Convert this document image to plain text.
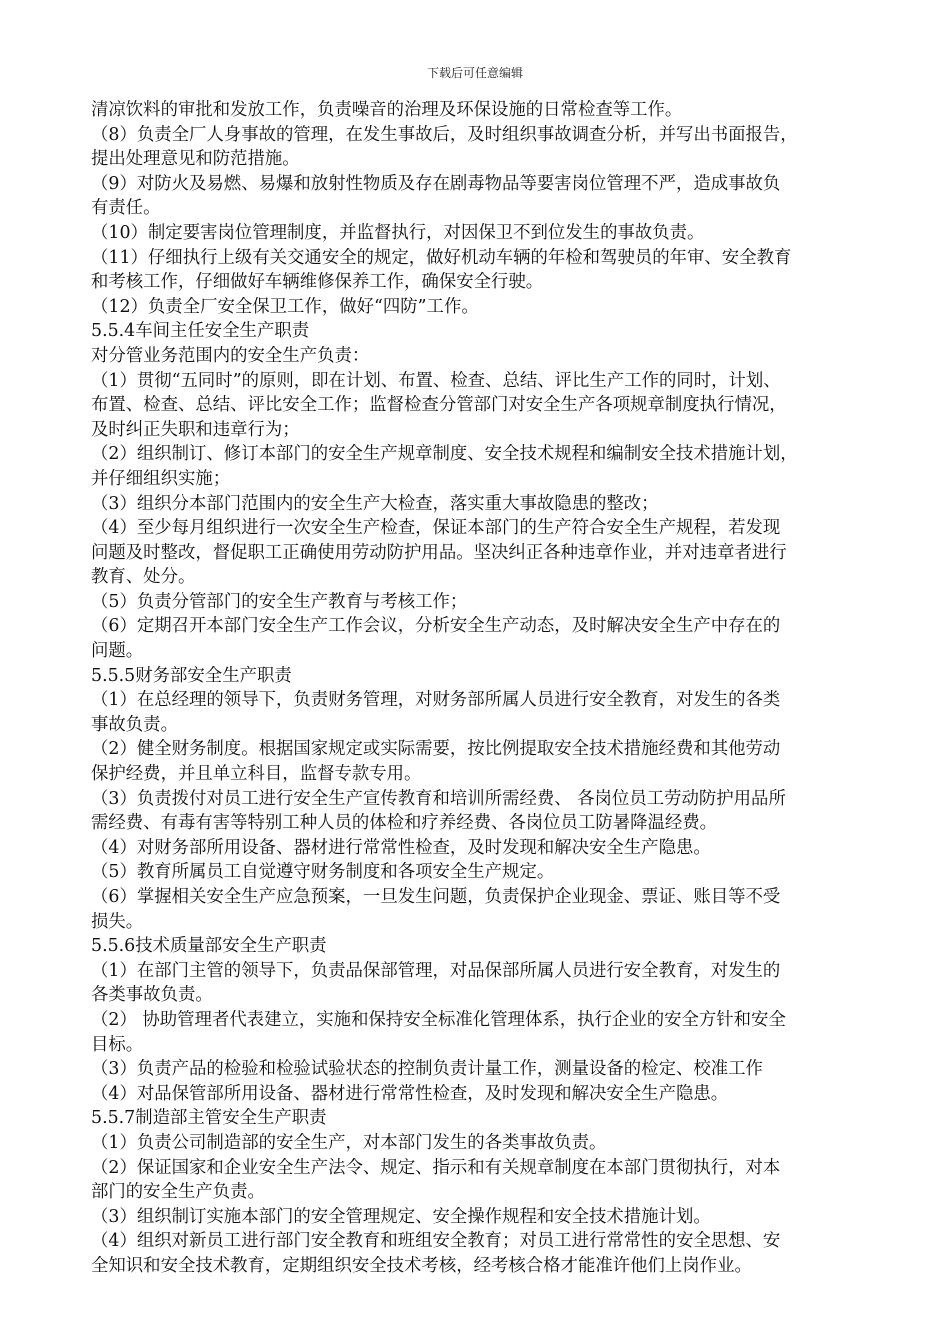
下载后可任意编辑
清凉饮料的审批和发放工作，负责噪音的治理及环保设施的日常检查等工作。
（8）负责全厂人身事故的管理，在发生事故后，及时组织事故调查分析，并写出书面报告，
提出处理意见和防范措施。
（9）对防火及易燃、易爆和放射性物质及存在剧毒物品等要害岗位管理不严，造成事故负
有责任。
（10）制定要害岗位管理制度，并监督执行，对因保卫不到位发生的事故负责。
（11）仔细执行上级有关交通安全的规定，做好机动车辆的年检和驾驶员的年审、安全教育
和考核工作，仔细做好车辆维修保养工作，确保安全行驶。
（12）负责全厂安全保卫工作，做好“四防”工作。
5.5.4车间主任安全生产职责
对分管业务范围内的安全生产负责：
（1）贯彻“五同时”的原则，即在计划、布置、检查、总结、评比生产工作的同时，计划、
布置、检查、总结、评比安全工作；监督检查分管部门对安全生产各项规章制度执行情况，
及时纠正失职和违章行为；
（2）组织制订、修订本部门的安全生产规章制度、安全技术规程和编制安全技术措施计划，
并仔细组织实施；
（3）组织分本部门范围内的安全生产大检查，落实重大事故隐患的整改；
（4）至少每月组织进行一次安全生产检查，保证本部门的生产符合安全生产规程，若发现
问题及时整改，督促职工正确使用劳动防护用品。坚决纠正各种违章作业，并对违章者进行
教育、处分。
（5）负责分管部门的安全生产教育与考核工作；
（6）定期召开本部门安全生产工作会议，分析安全生产动态，及时解决安全生产中存在的
问题。
5.5.5财务部安全生产职责
（1）在总经理的领导下，负责财务管理，对财务部所属人员进行安全教育，对发生的各类
事故负责。
（2）健全财务制度。根据国家规定或实际需要，按比例提取安全技术措施经费和其他劳动
保护经费，并且单立科目，监督专款专用。
（3）负责拨付对员工进行安全生产宣传教育和培训所需经费、 各岗位员工劳动防护用品所
需经费、有毒有害等特别工种人员的体检和疗养经费、各岗位员工防暑降温经费。
（4）对财务部所用设备、器材进行常常性检查，及时发现和解决安全生产隐患。
（5）教育所属员工自觉遵守财务制度和各项安全生产规定。
（6）掌握相关安全生产应急预案，一旦发生问题，负责保护企业现金、票证、账目等不受
损失。
5.5.6技术质量部安全生产职责
（1）在部门主管的领导下，负责品保部管理，对品保部所属人员进行安全教育，对发生的
各类事故负责。
（2） 协助管理者代表建立，实施和保持安全标准化管理体系，执行企业的安全方针和安全
目标。
（3）负责产品的检验和检验试验状态的控制负责计量工作，测量设备的检定、校准工作
（4）对品保管部所用设备、器材进行常常性检查，及时发现和解决安全生产隐患。
5.5.7制造部主管安全生产职责
（1）负责公司制造部的安全生产，对本部门发生的各类事故负责。
（2）保证国家和企业安全生产法令、规定、指示和有关规章制度在本部门贯彻执行，对本
部门的安全生产负责。
（3）组织制订实施本部门的安全管理规定、安全操作规程和安全技术措施计划。
（4）组织对新员工进行部门安全教育和班组安全教育；对员工进行常常性的安全思想、安
全知识和安全技术教育，定期组织安全技术考核，经考核合格才能准许他们上岗作业。
